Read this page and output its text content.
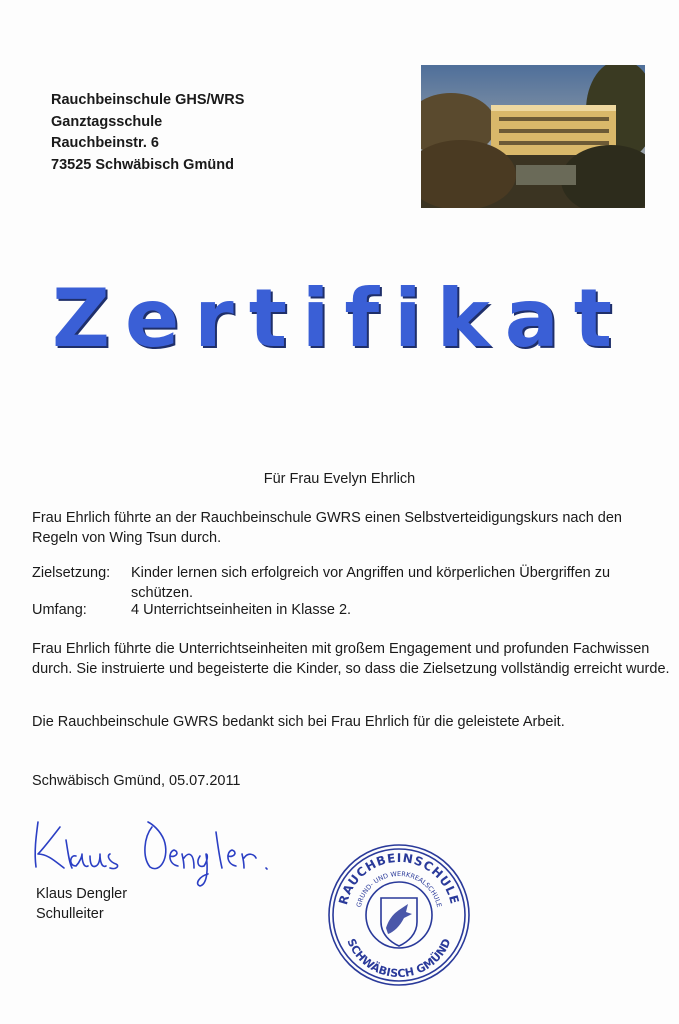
Rauchbeinschule GHS/WRS
Ganztagsschule
Rauchbeinstr. 6
73525 Schwäbisch Gmünd
Zertifikat
Für Frau Evelyn Ehrlich
Frau Ehrlich führte an der Rauchbeinschule GWRS einen Selbstverteidigungskurs nach den Regeln von Wing Tsun durch.
Zielsetzung: Kinder lernen sich erfolgreich vor Angriffen und körperlichen Übergriffen zu schützen.
Umfang:	4 Unterrichtseinheiten in Klasse 2.
Frau Ehrlich führte die Unterrichtseinheiten mit großem Engagement und profunden Fachwissen durch. Sie instruierte und begeisterte die Kinder, so dass die Zielsetzung vollständig erreicht wurde.
Die Rauchbeinschule GWRS bedankt sich bei Frau Ehrlich für die geleistete Arbeit.
Schwäbisch Gmünd, 05.07.2011
Klaus Dengler
Schulleiter
RAUCHBEINSCHULE
GRUND- UND WERKREALSCHULE
SCHWÄBISCH GMÜND
